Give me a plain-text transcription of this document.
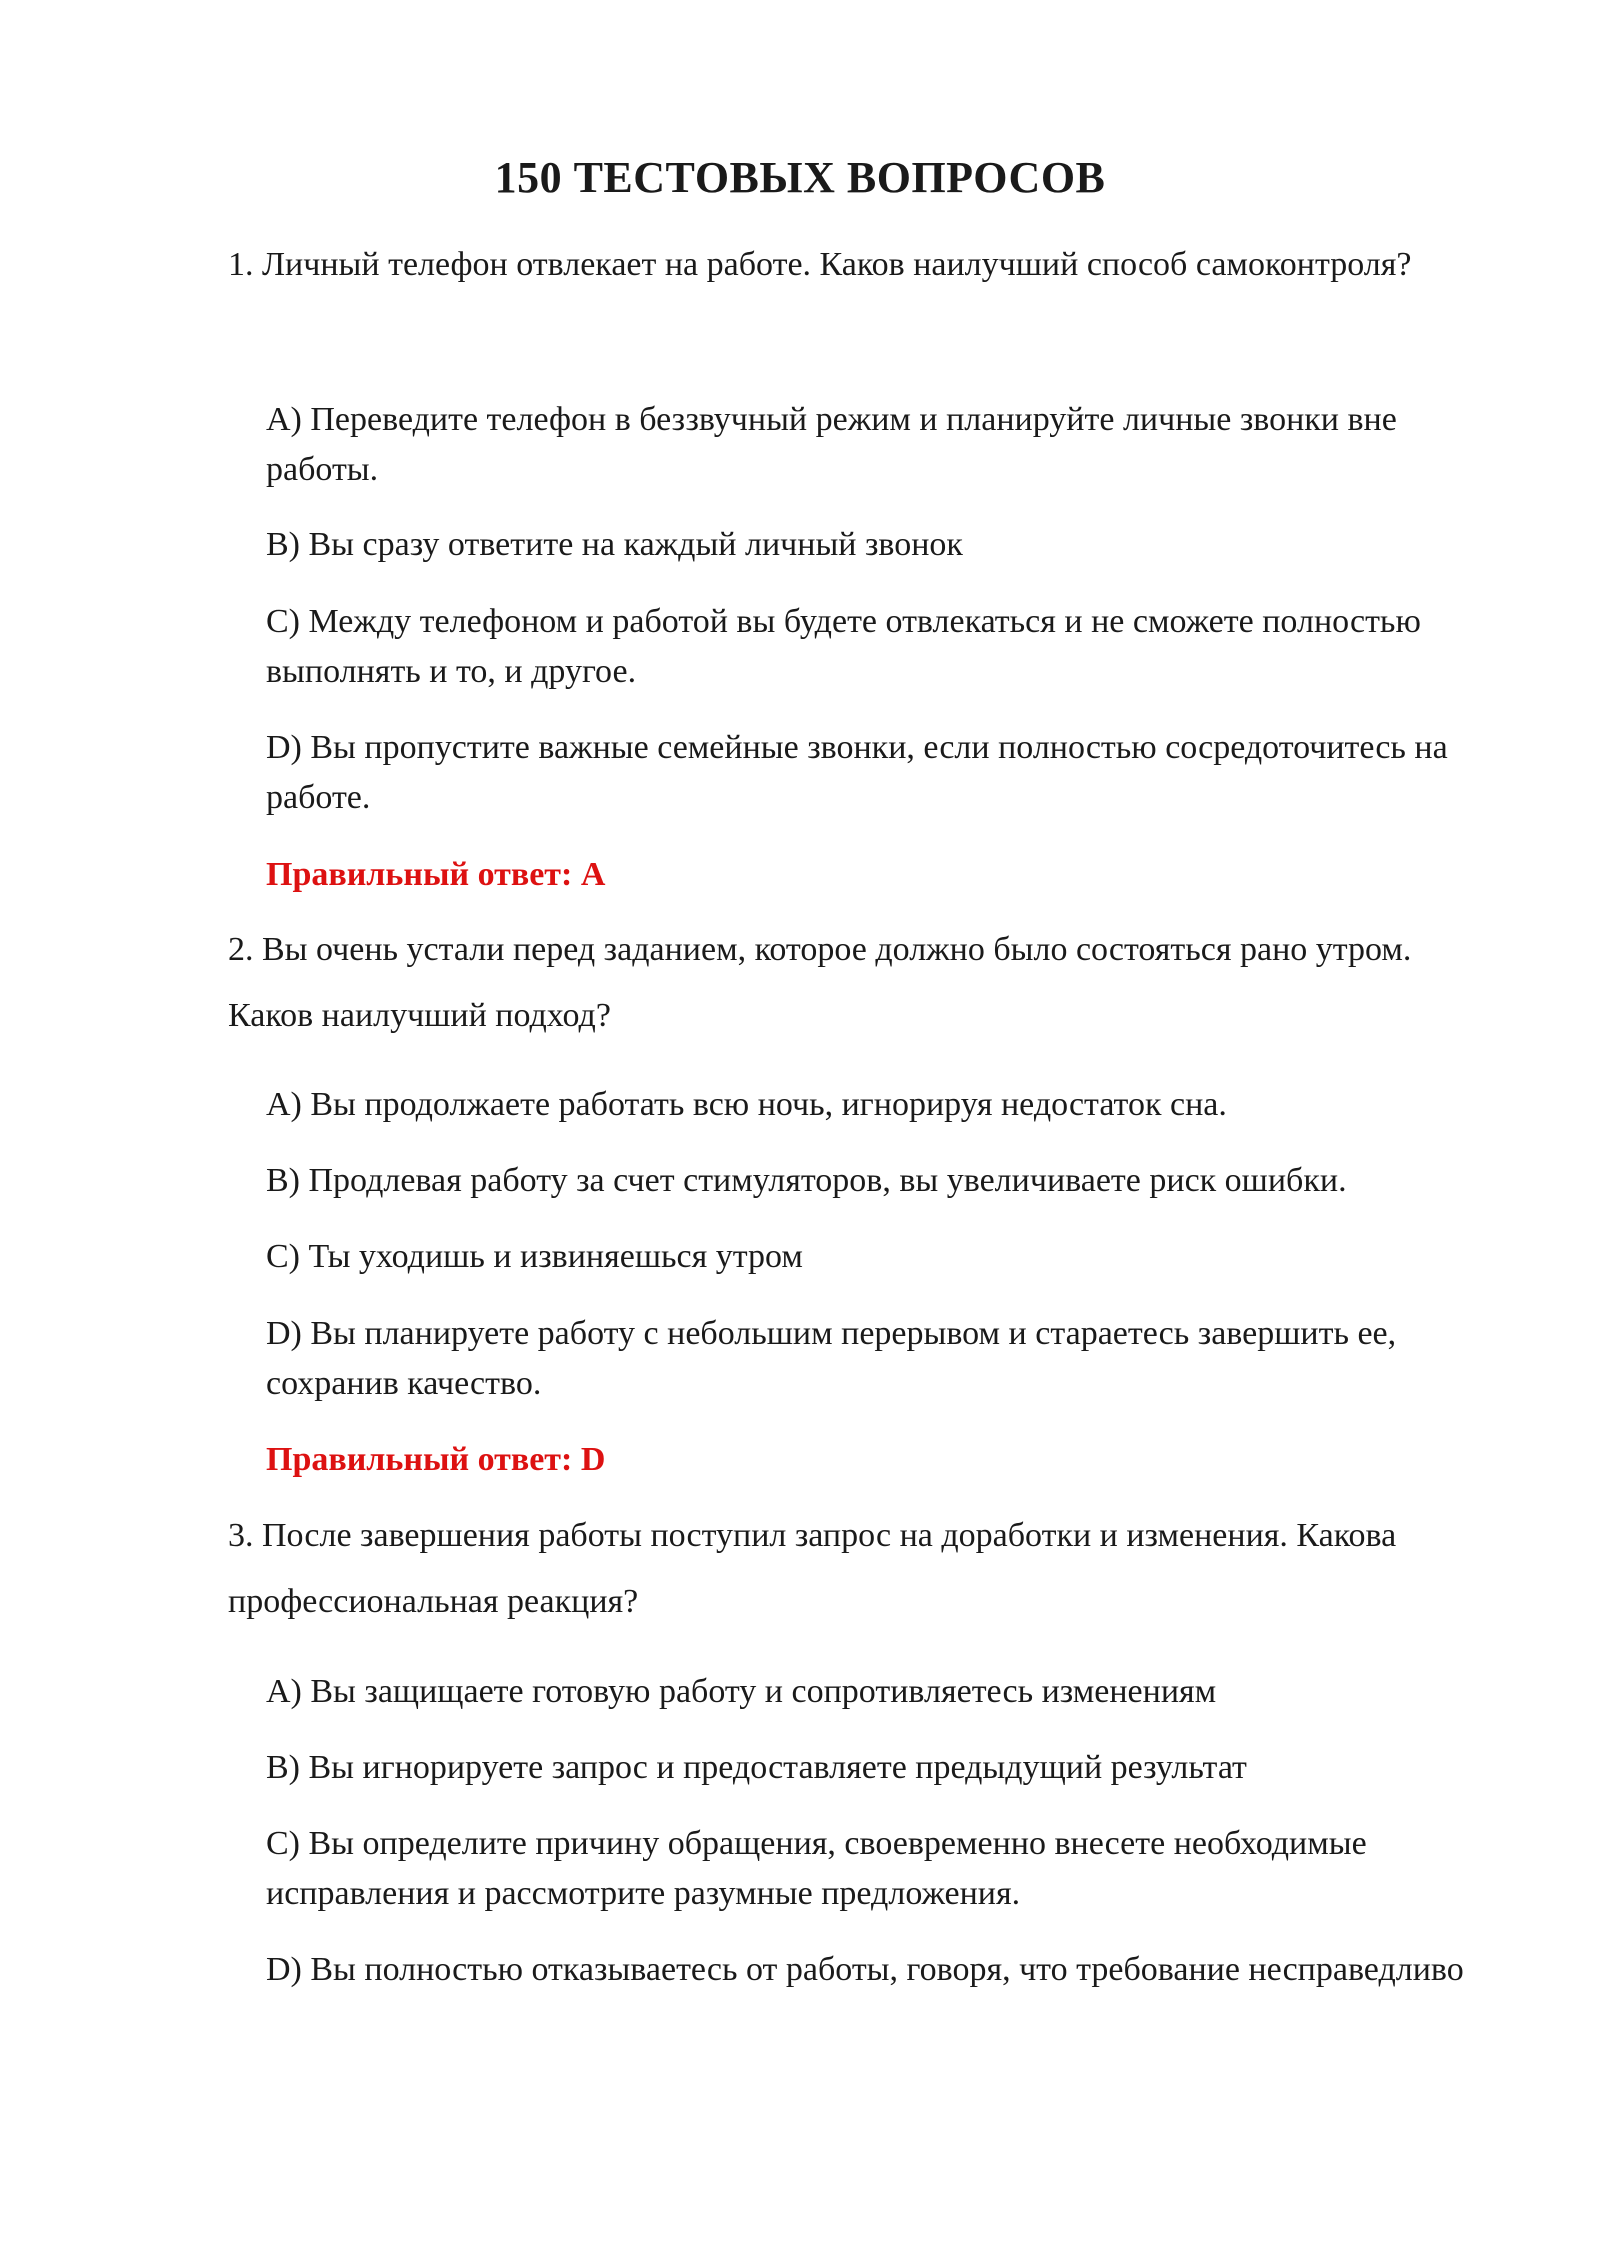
150 ТЕСТОВЫХ ВОПРОСОВ
1. Личный телефон отвлекает на работе. Каков наилучший способ самоконтроля?
A) Переведите телефон в беззвучный режим и планируйте личные звонки вне работы.
B) Вы сразу ответите на каждый личный звонок
C) Между телефоном и работой вы будете отвлекаться и не сможете полностью выполнять и то, и другое.
D) Вы пропустите важные семейные звонки, если полностью сосредоточитесь на работе.
Правильный ответ: A
2. Вы очень устали перед заданием, которое должно было состояться рано утром. Каков наилучший подход?
A) Вы продолжаете работать всю ночь, игнорируя недостаток сна.
B) Продлевая работу за счет стимуляторов, вы увеличиваете риск ошибки.
C) Ты уходишь и извиняешься утром
D) Вы планируете работу с небольшим перерывом и стараетесь завершить ее, сохранив качество.
Правильный ответ: D
3. После завершения работы поступил запрос на доработки и изменения. Какова профессиональная реакция?
A) Вы защищаете готовую работу и сопротивляетесь изменениям
B) Вы игнорируете запрос и предоставляете предыдущий результат
C) Вы определите причину обращения, своевременно внесете необходимые исправления и рассмотрите разумные предложения.
D) Вы полностью отказываетесь от работы, говоря, что требование несправедливо
